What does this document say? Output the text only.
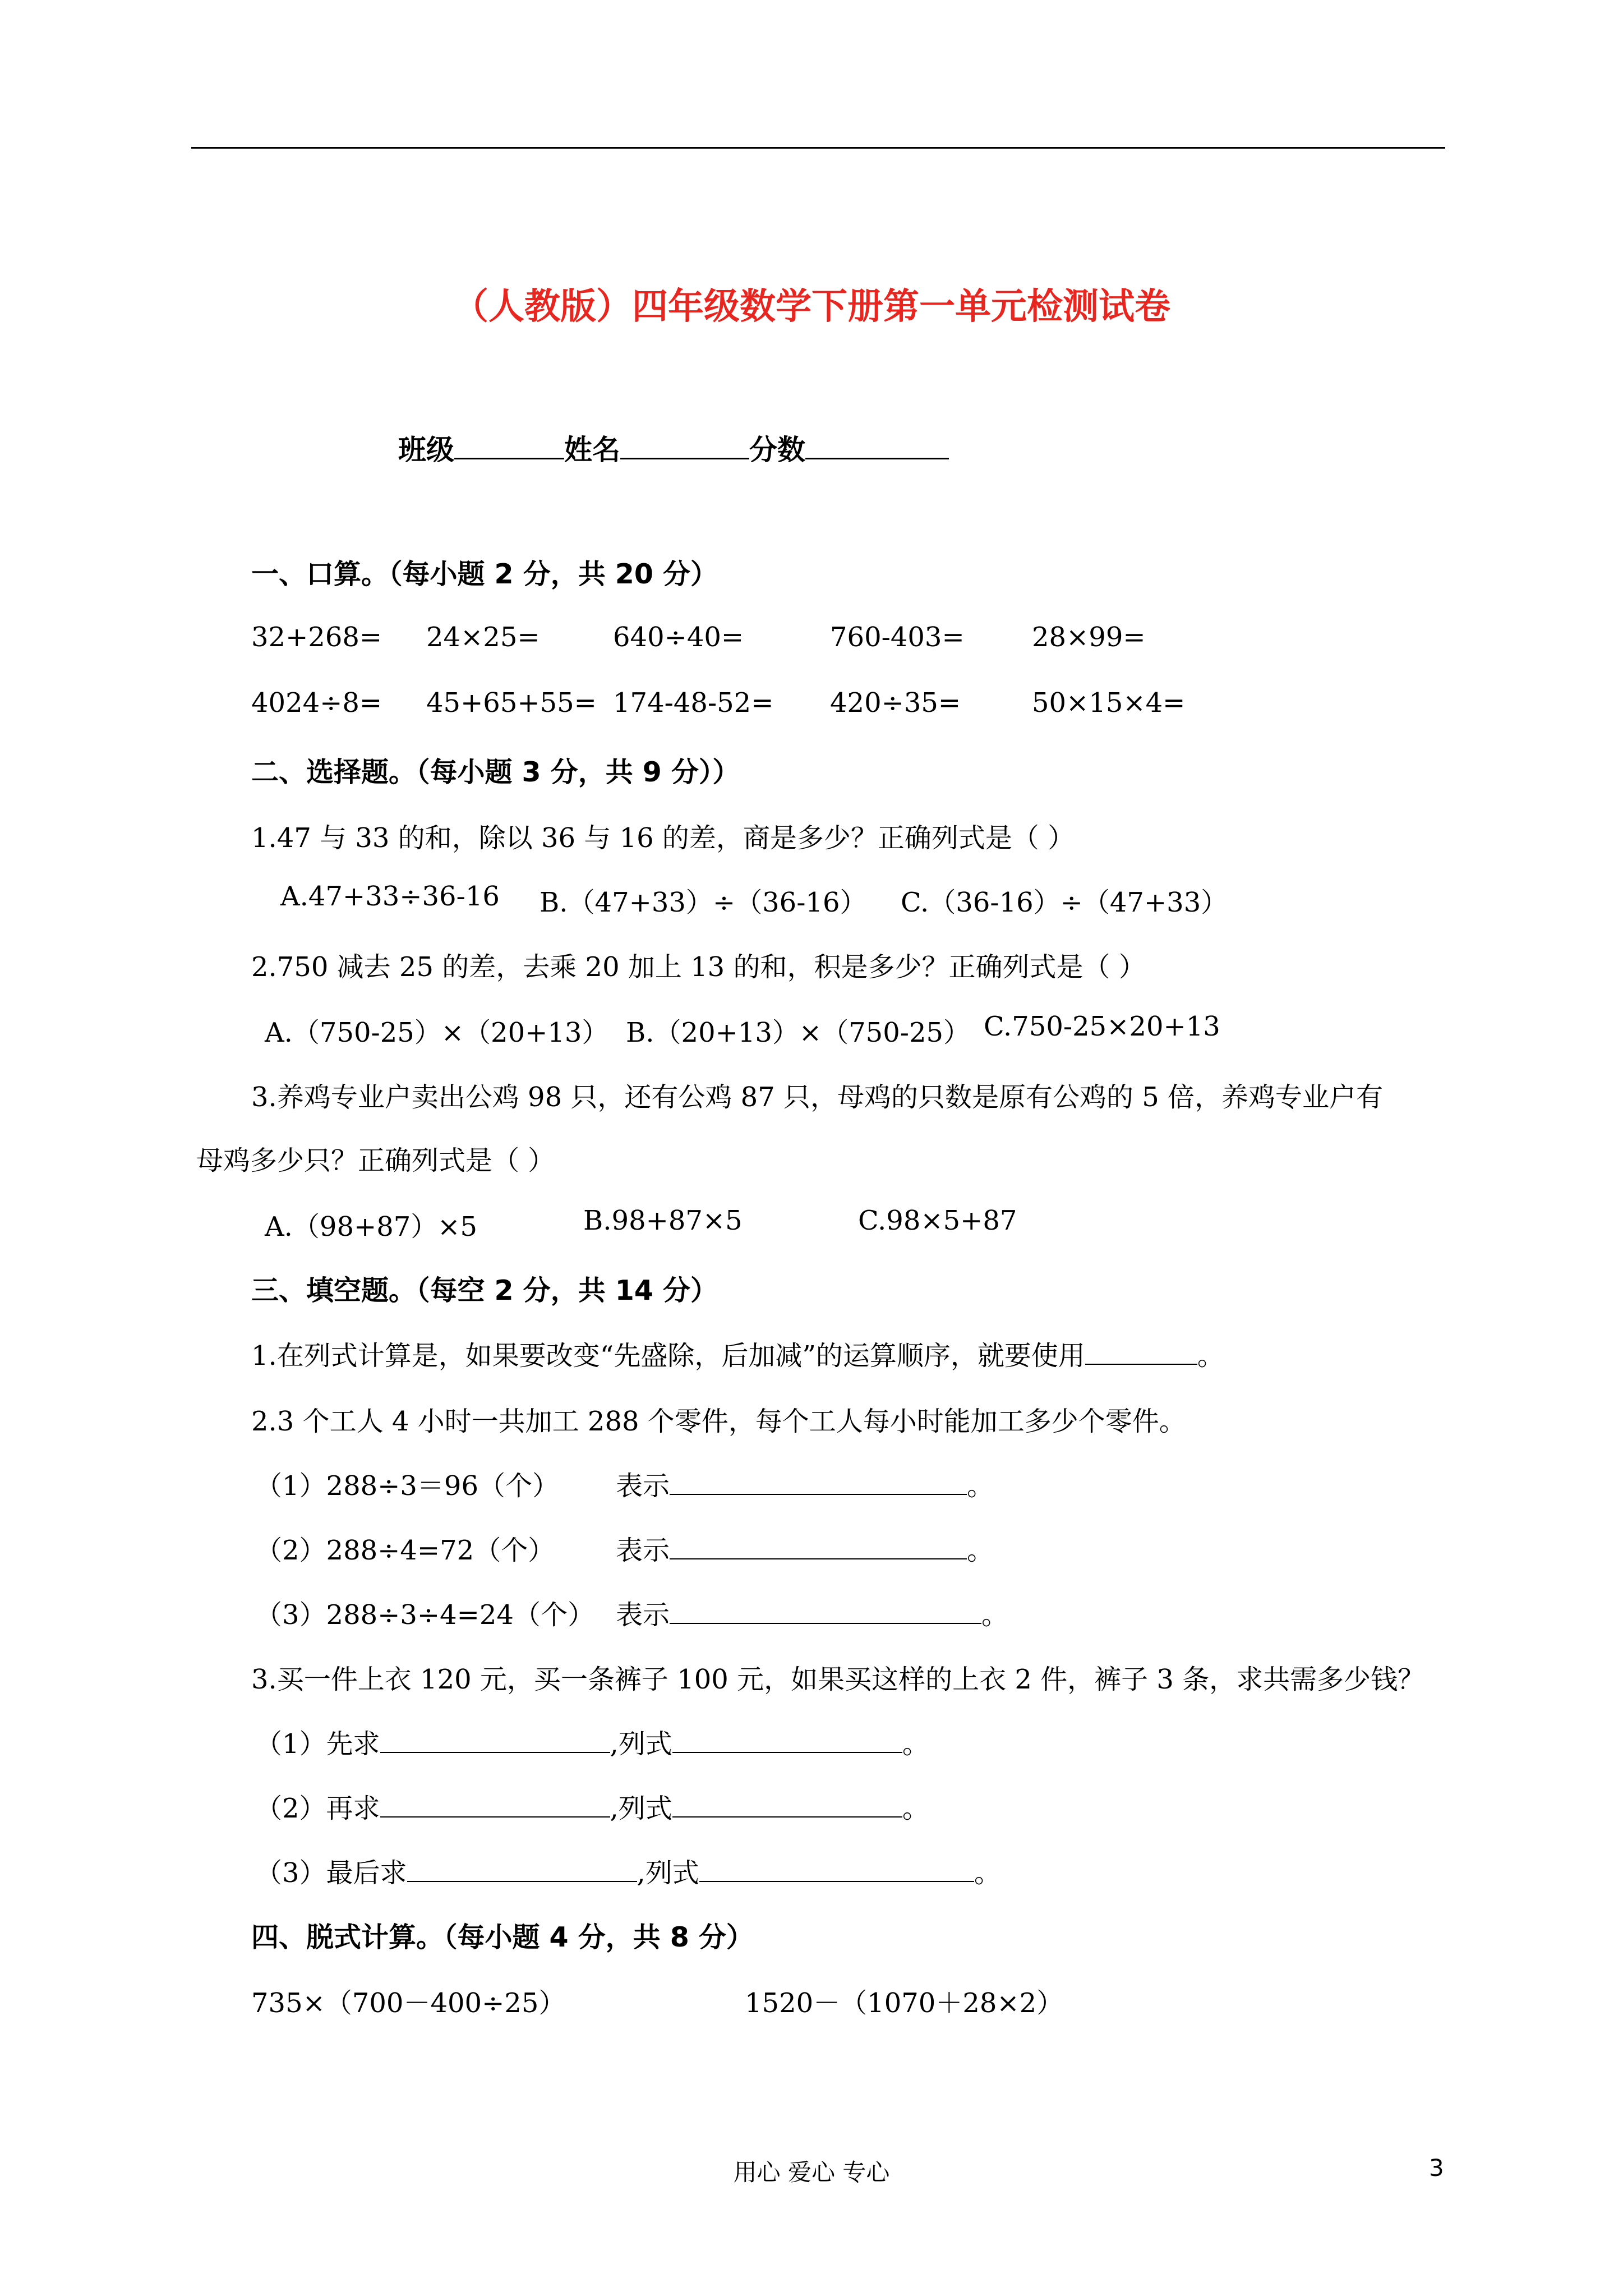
（人教版）四年级数学下册第一单元检测试卷
班级	姓名	分数
一、口算。（每小题 2 分，共 20 分）
32+268= 24×25=	640÷40=	760-403=	28×99=
4024÷8= 45+65+55= 174-48-52= 420÷35=	50×15×4=
二、选择题。（每小题 3 分，共 9 分））
1.47 与 33 的和，除以 36 与 16 的差，商是多少？正确列式是（ ）
A.47+33÷36-16 B.（47+33）÷（36-16） C.（36-16）÷（47+33）
2.750 减去 25 的差，去乘 20 加上 13 的和，积是多少？正确列式是（ ）
A.（750-25）×（20+13） B.（20+13）×（750-25） C.750-25×20+13
3.养鸡专业户卖出公鸡 98 只，还有公鸡 87 只，母鸡的只数是原有公鸡的 5 倍，养鸡专业户有
母鸡多少只？正确列式是（ ）
A.（98+87）×5	B.98+87×5	C.98×5+87
三、填空题。（每空 2 分，共 14 分）
1.在列式计算是，如果要改变“先盛除，后加减”的运算顺序，就要使用	。
2.3 个工人 4 小时一共加工 288 个零件，每个工人每小时能加工多少个零件。
（1）288÷3＝96（个） 表示	。
（2）288÷4=72（个） 表示	。
（3）288÷3÷4=24（个） 表示	。
3.买一件上衣 120 元，买一条裤子 100 元，如果买这样的上衣 2 件，裤子 3 条，求共需多少钱？
（1）先求	,列式	。
（2）再求	,列式	。
（3）最后求	,列式	。
四、脱式计算。（每小题 4 分，共 8 分）
735×（700－400÷25）	1520－（1070＋28×2）
用心 爱心 专心	3
